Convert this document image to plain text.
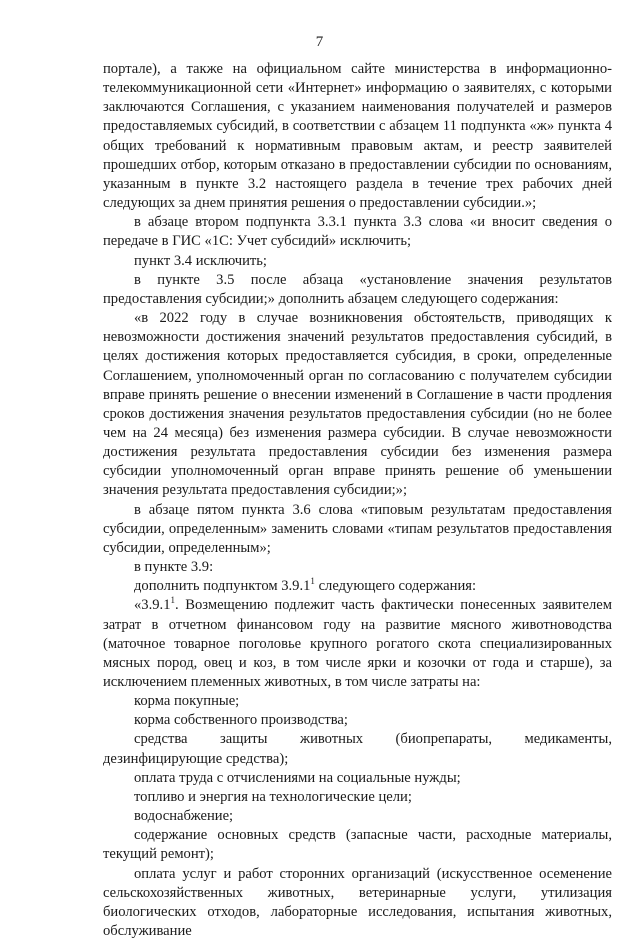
7

порталe), а также на официальном сайте министерства в информационно-телекоммуникационной сети «Интернет» информацию о заявителях, с которыми заключаются Соглашения, с указанием наименования получателей и размеров предоставляемых субсидий, в соответствии с абзацем 11 подпункта «ж» пункта 4 общих требований к нормативным правовым актам, и реестр заявителей прошедших отбор, которым отказано в предоставлении субсидии по основаниям, указанным в пункте 3.2 настоящего раздела в течение трех рабочих дней следующих за днем принятия решения о предоставлении субсидии.»;

в абзаце втором подпункта 3.3.1 пункта 3.3 слова «и вносит сведения о передаче в ГИС «1С: Учет субсидий» исключить;

пункт 3.4 исключить;

в пункте 3.5 после абзаца «установление значения результатов предоставления субсидии;» дополнить абзацем следующего содержания:

«в 2022 году в случае возникновения обстоятельств, приводящих к невозможности достижения значений результатов предоставления субсидий, в целях достижения которых предоставляется субсидия, в сроки, определенные Соглашением, уполномоченный орган по согласованию с получателем субсидии вправе принять решение о внесении изменений в Соглашение в части продления сроков достижения значения результатов предоставления субсидии (но не более чем на 24 месяца) без изменения размера субсидии. В случае невозможности достижения результата предоставления субсидии без изменения размера субсидии уполномоченный орган вправе принять решение об уменьшении значения результата предоставления субсидии;»;

в абзаце пятом пункта 3.6 слова «типовым результатам предоставления субсидии, определенным» заменить словами «типам результатов предоставления субсидии, определенным»;

в пункте 3.9:

дополнить подпунктом 3.9.1$^1$ следующего содержания:

«3.9.1$^1$. Возмещению подлежит часть фактически понесенных заявителем затрат в отчетном финансовом году на развитие мясного животноводства (маточное товарное поголовье крупного рогатого скота специализированных мясных пород, овец и коз, в том числе ярки и козочки от года и старше), за исключением племенных животных, в том числе затраты на:

корма покупные;

корма собственного производства;

средства защиты животных (биопрепараты, медикаменты, дезинфицирующие средства);

оплата труда с отчислениями на социальные нужды;

топливо и энергия на технологические цели;

водоснабжение;

содержание основных средств (запасные части, расходные материалы, текущий ремонт);

оплата услуг и работ сторонних организаций (искусственное осеменение сельскохозяйственных животных, ветеринарные услуги, утилизация биологических отходов, лабораторные исследования, испытания животных, обслуживание
